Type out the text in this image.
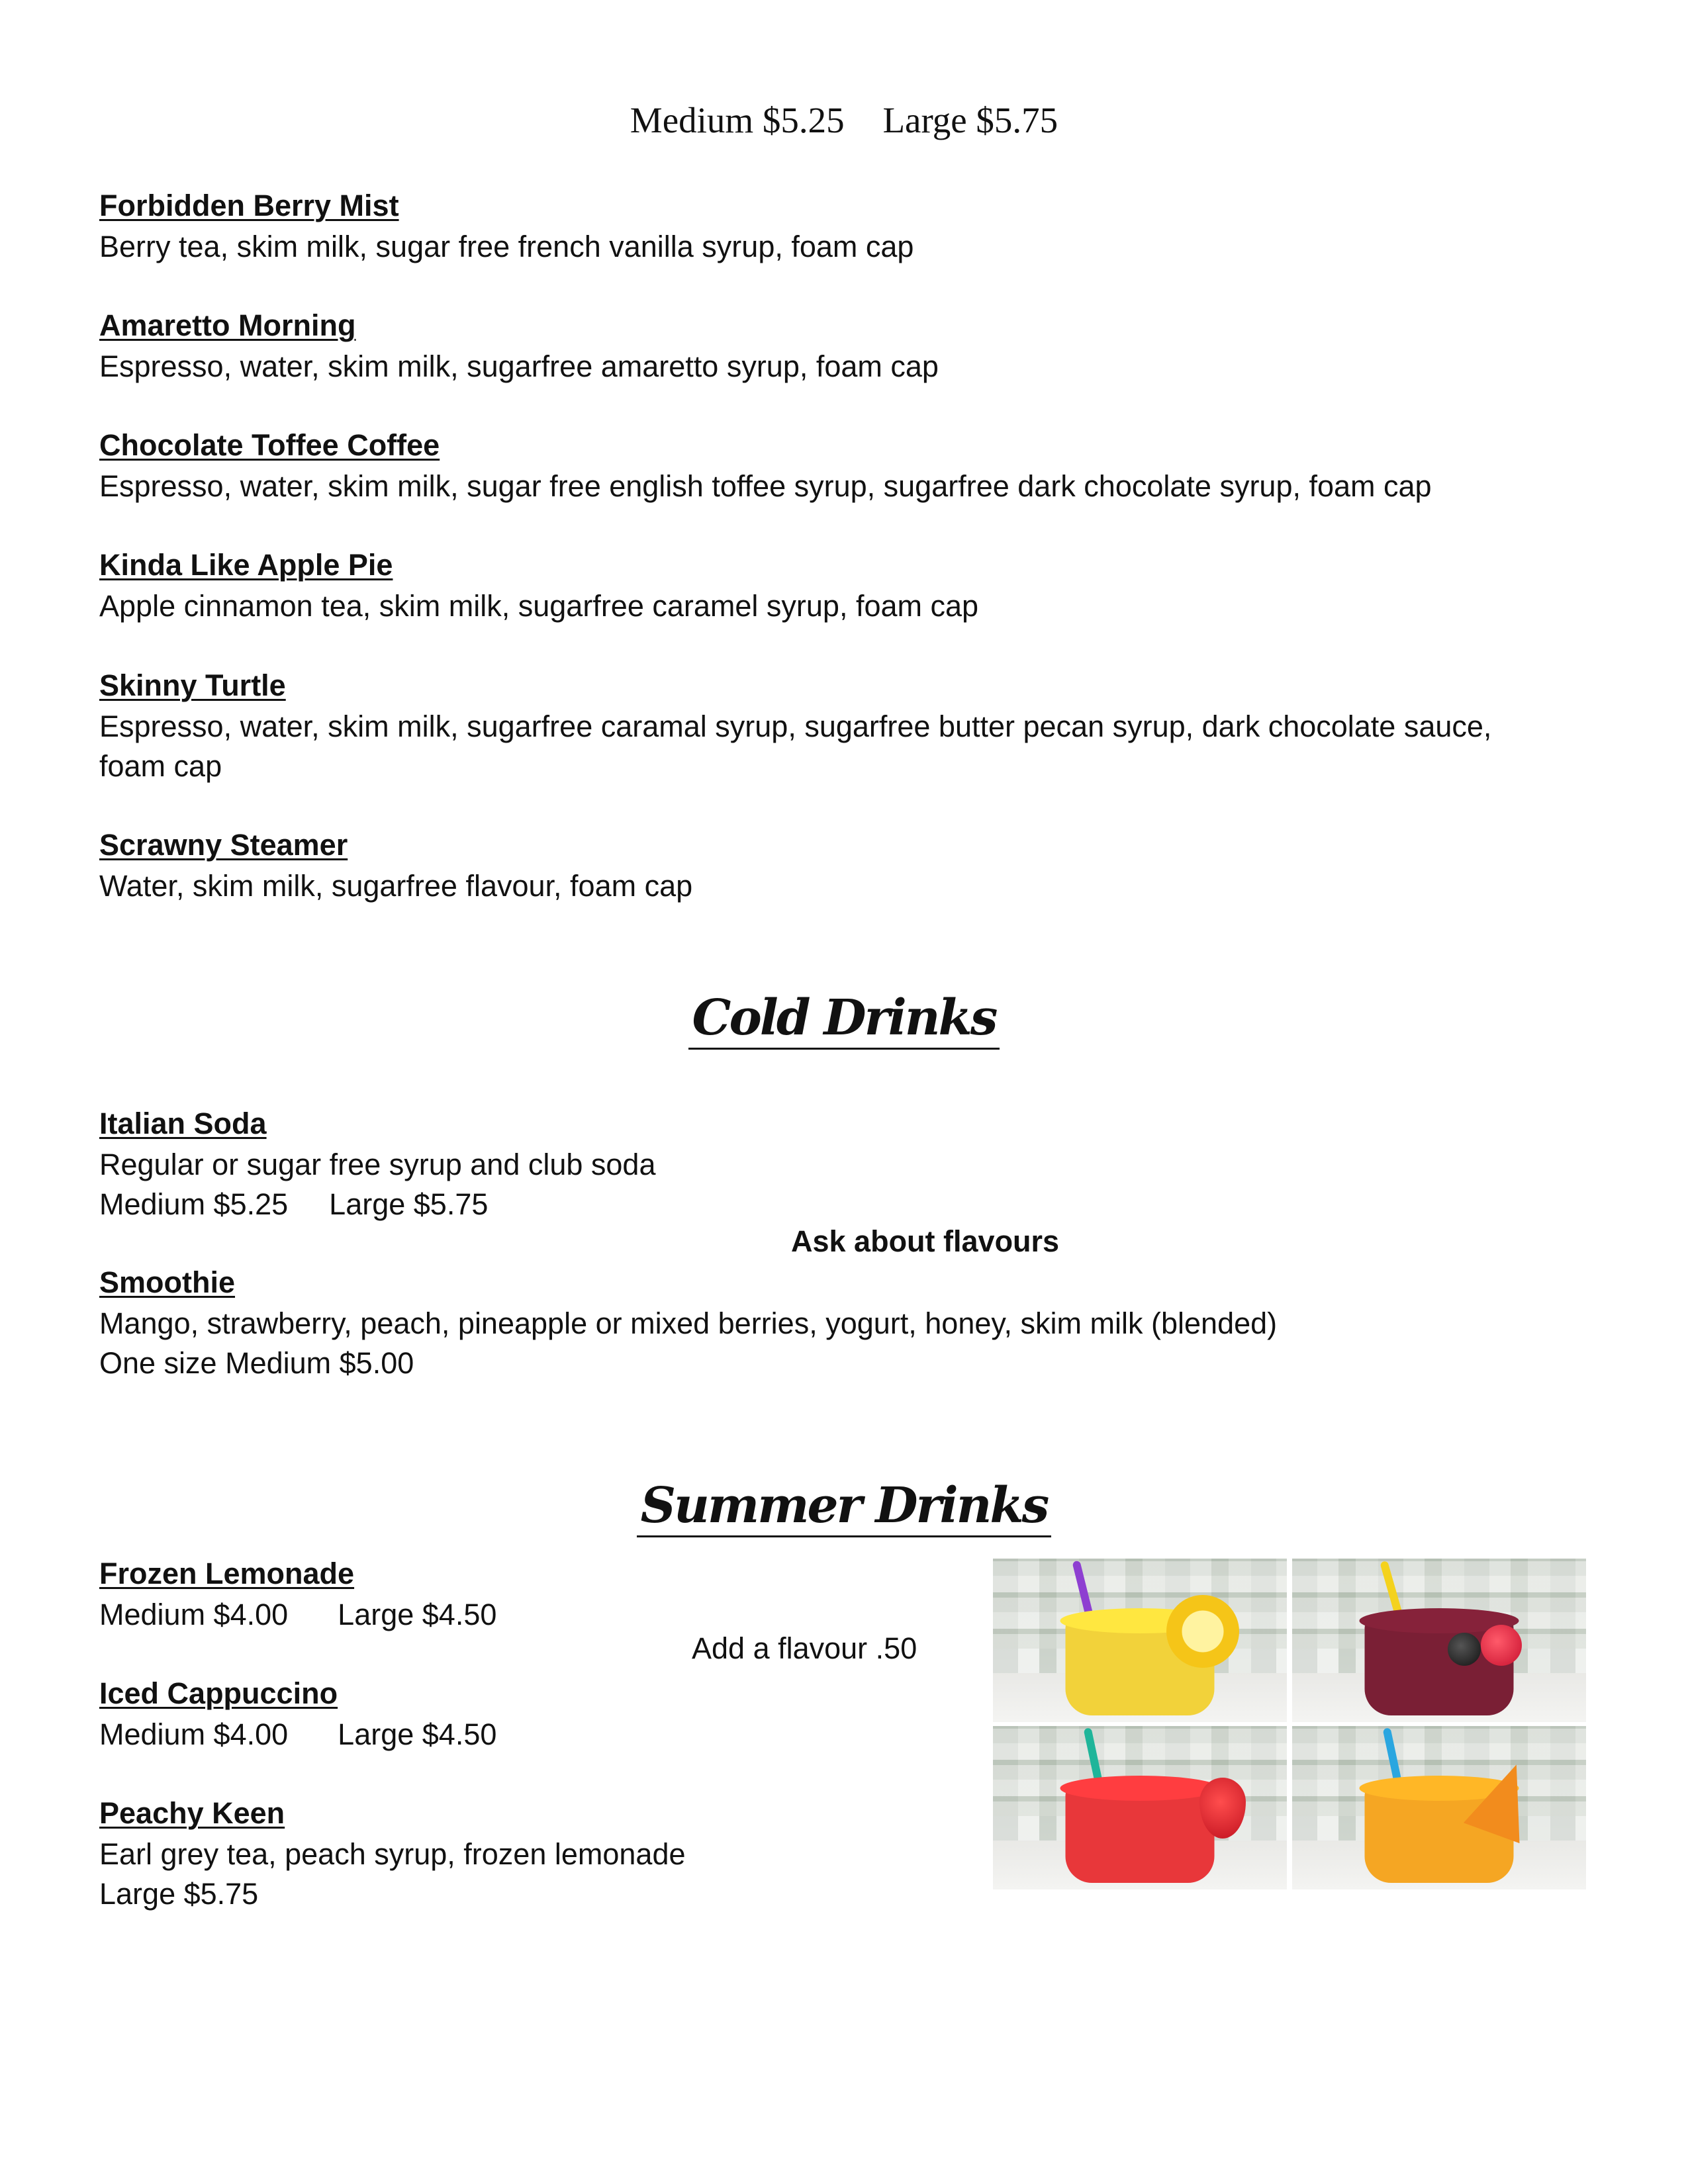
Medium $5.25 Large $5.75
Forbidden Berry Mist
Berry tea, skim milk, sugar free french vanilla syrup, foam cap
Amaretto Morning
Espresso, water, skim milk, sugarfree amaretto syrup, foam cap
Chocolate Toffee Coffee
Espresso, water, skim milk, sugar free english toffee syrup, sugarfree dark chocolate syrup, foam cap
Kinda Like Apple Pie
Apple cinnamon tea, skim milk, sugarfree caramel syrup, foam cap
Skinny Turtle
Espresso, water, skim milk, sugarfree caramal syrup, sugarfree butter pecan syrup, dark chocolate sauce,
foam cap
Scrawny Steamer
Water, skim milk, sugarfree flavour, foam cap
Cold Drinks
Italian Soda
Regular or sugar free syrup and club soda
Medium $5.25 Large $5.75
Ask about flavours
Smoothie
Mango, strawberry, peach, pineapple or mixed berries, yogurt, honey, skim milk (blended)
One size Medium $5.00
Summer Drinks
Frozen Lemonade
Medium $4.00 Large $4.50
Add a flavour .50
Iced Cappuccino
Medium $4.00 Large $4.50
Peachy Keen
Earl grey tea, peach syrup, frozen lemonade
Large $5.75
